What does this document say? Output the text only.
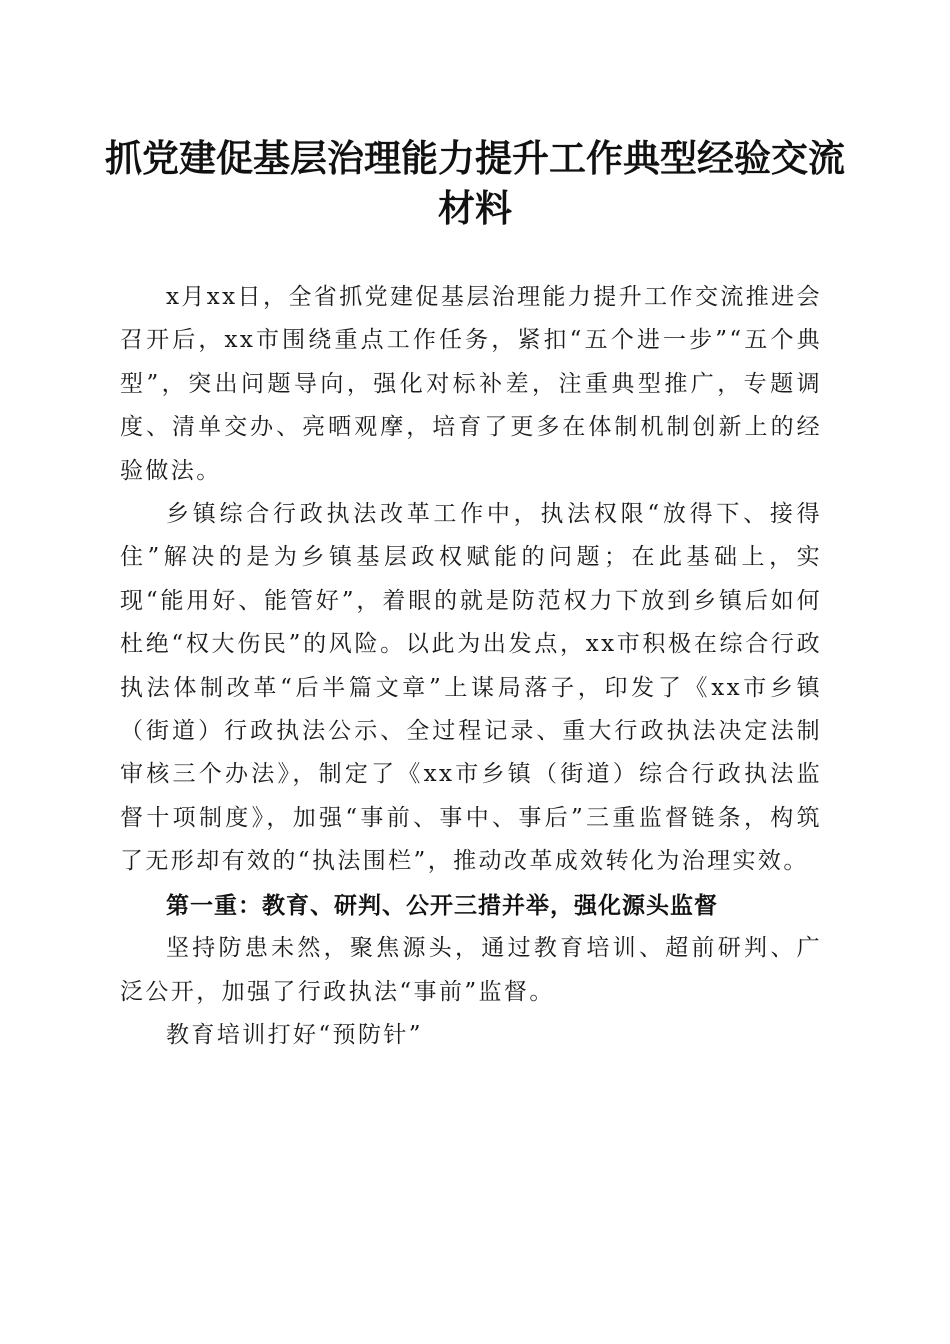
抓党建促基层治理能力提升工作典型经验交流
材料

x月xx日，全省抓党建促基层治理能力提升工作交流推进会召开后，xx市围绕重点工作任务，紧扣“五个进一步”“五个典型”，突出问题导向，强化对标补差，注重典型推广，专题调度、清单交办、亮晒观摩，培育了更多在体制机制创新上的经验做法。

乡镇综合行政执法改革工作中，执法权限“放得下、接得住”解决的是为乡镇基层政权赋能的问题；在此基础上，实现“能用好、能管好”，着眼的就是防范权力下放到乡镇后如何杜绝“权大伤民”的风险。以此为出发点，xx市积极在综合行政执法体制改革“后半篇文章”上谋局落子，印发了《xx市乡镇（街道）行政执法公示、全过程记录、重大行政执法决定法制审核三个办法》，制定了《xx市乡镇（街道）综合行政执法监督十项制度》，加强“事前、事中、事后”三重监督链条，构筑了无形却有效的“执法围栏”，推动改革成效转化为治理实效。

第一重：教育、研判、公开三措并举，强化源头监督

坚持防患未然，聚焦源头，通过教育培训、超前研判、广泛公开，加强了行政执法“事前”监督。

教育培训打好“预防针”
